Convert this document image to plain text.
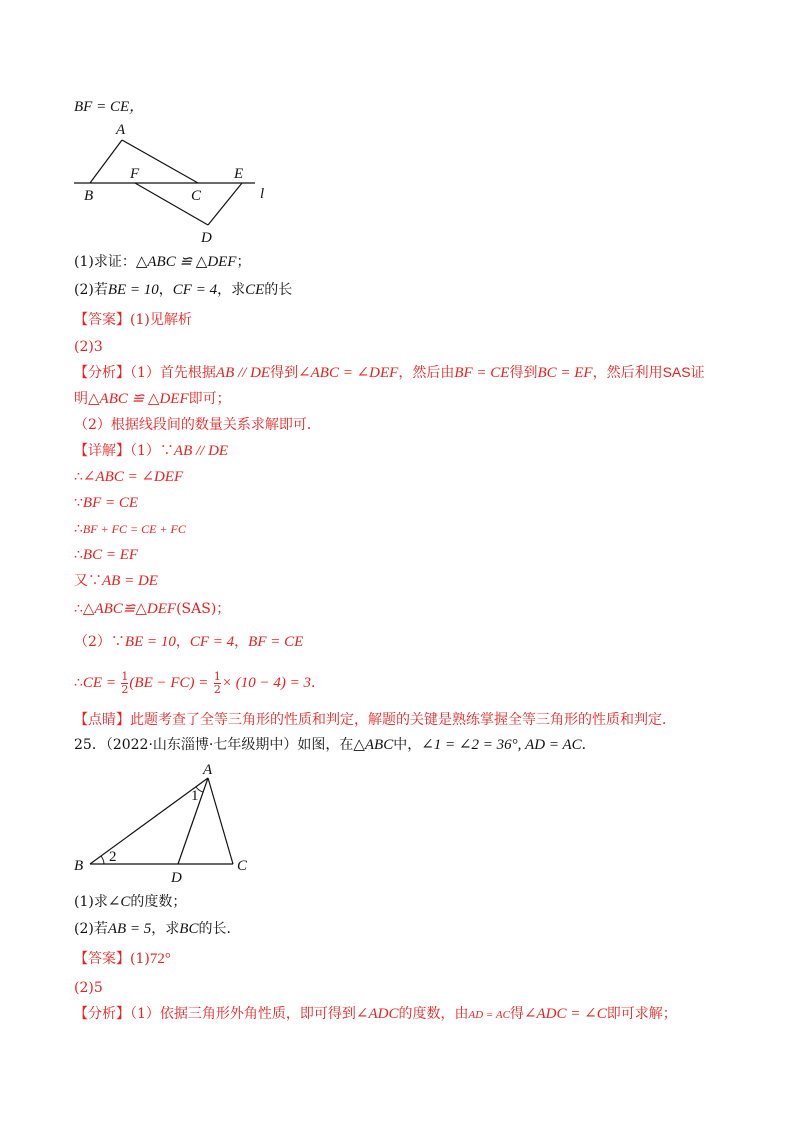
BF = CE，
A
B
F
C
E
D
l
(1)求证：△ABC ≌ △DEF；
(2)若BE = 10，CF = 4，求CE的长
【答案】(1)见解析
(2)3
【分析】（1）首先根据AB // DE得到∠ABC = ∠DEF，然后由BF = CE得到BC = EF，然后利用SAS证
明△ABC ≌ △DEF即可；
（2）根据线段间的数量关系求解即可．
【详解】（1）∵AB // DE
∴∠ABC = ∠DEF
∵BF = CE
∴BF + FC = CE + FC
∴BC = EF
又∵AB = DE
∴△ABC≌△DEF(SAS)；
（2）∵BE = 10，CF = 4，BF = CE
∴CE = $\frac{1}{2} (BE - FC) = \frac{1}{2} \times (10 - 4) = 3$．
【点睛】此题考查了全等三角形的性质和判定，解题的关键是熟练掌握全等三角形的性质和判定．
25．（2022·山东淄博·七年级期中）如图，在△ABC中，∠1 = ∠2 = 36°, AD = AC．
A
B	C
D
1
2
(1)求∠C的度数；
(2)若AB = 5，求BC的长．
【答案】(1)72°
(2)5
【分析】（1）依据三角形外角性质，即可得到∠ADC的度数，由AD = AC得∠ADC = ∠C即可求解；
